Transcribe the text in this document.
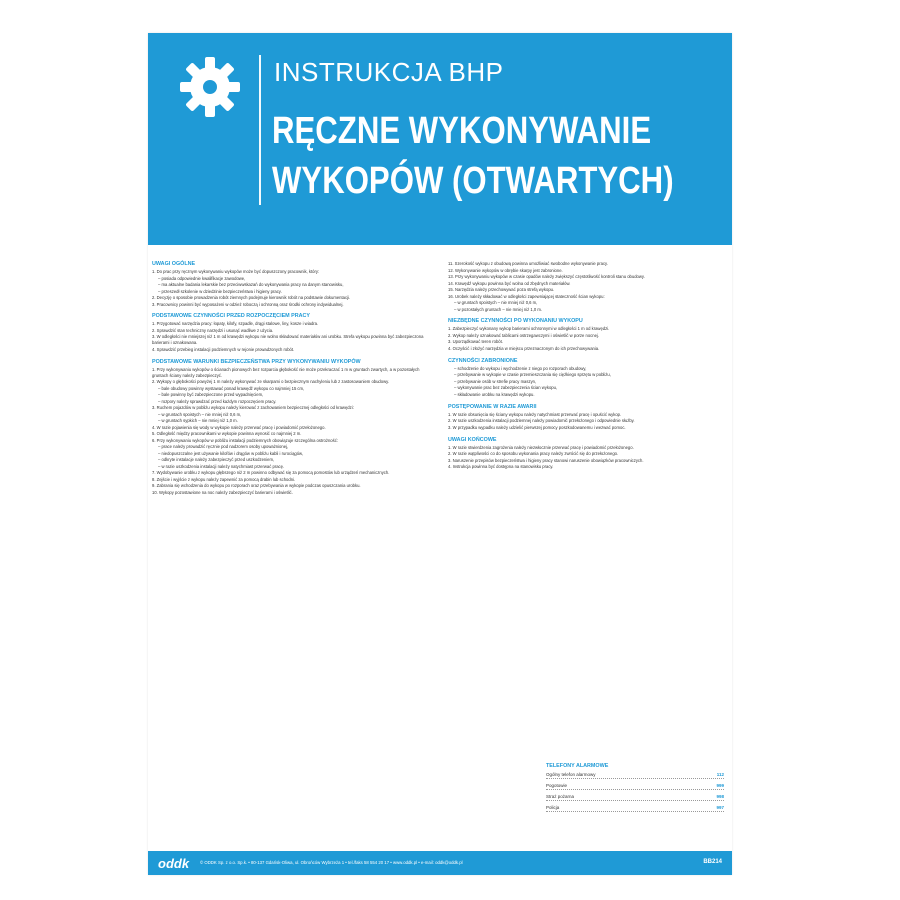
INSTRUKCJA BHP
RĘCZNE WYKONYWANIE
WYKOPÓW (OTWARTYCH)
UWAGI OGÓLNE
1. Do prac przy ręcznym wykonywaniu wykopów może być dopuszczony pracownik, który:
– posiada odpowiednie kwalifikacje zawodowe,
– ma aktualne badania lekarskie bez przeciwwskazań do wykonywania pracy na danym stanowisku,
– przeszedł szkolenie w dziedzinie bezpieczeństwa i higieny pracy.
2. Decyzję o sposobie prowadzenia robót ziemnych podejmuje kierownik robót na podstawie dokumentacji.
3. Pracownicy powinni być wyposażeni w odzież roboczą i ochronną oraz środki ochrony indywidualnej.
PODSTAWOWE CZYNNOŚCI PRZED ROZPOCZĘCIEM PRACY
1. Przygotować narzędzia pracy: łopaty, kilofy, szpadle, drągi stalowe, liny, kosze i wiadra.
2. Sprawdzić stan techniczny narzędzi i usunąć wadliwe z użycia.
3. W odległości nie mniejszej niż 1 m od krawędzi wykopu nie wolno składować materiałów ani urobku. Strefa wykopu powinna być zabezpieczona barierami i oznakowana.
4. Sprawdzić przebieg instalacji podziemnych w rejonie prowadzonych robót.
PODSTAWOWE WARUNKI BEZPIECZEŃSTWA PRZY WYKONYWANIU WYKOPÓW
1. Przy wykonywaniu wykopów o ścianach pionowych bez rozparcia głębokość nie może przekraczać 1 m w gruntach zwartych, a w pozostałych gruntach ściany należy zabezpieczyć.
2. Wykopy o głębokości powyżej 1 m należy wykonywać ze skarpami o bezpiecznym nachyleniu lub z zastosowaniem obudowy.
– bale obudowy powinny wystawać ponad krawędź wykopu co najmniej 15 cm,
– bale powinny być zabezpieczone przed wypadnięciem,
– rozpory należy sprawdzać przed każdym rozpoczęciem pracy.
3. Ruchem pojazdów w pobliżu wykopu należy kierować z zachowaniem bezpiecznej odległości od krawędzi:
– w gruntach spoistych – nie mniej niż 0,6 m,
– w gruntach sypkich – nie mniej niż 1,0 m.
4. W razie pojawienia się wody w wykopie należy przerwać pracę i powiadomić przełożonego.
5. Odległość między pracownikami w wykopie powinna wynosić co najmniej 2 m.
6. Przy wykonywaniu wykopów w pobliżu instalacji podziemnych obowiązuje szczególna ostrożność:
– prace należy prowadzić ręcznie pod nadzorem osoby upoważnionej,
– niedopuszczalne jest używanie kilofów i drągów w pobliżu kabli i rurociągów,
– odkryte instalacje należy zabezpieczyć przed uszkodzeniem,
– w razie uszkodzenia instalacji należy natychmiast przerwać pracę.
7. Wydobywanie urobku z wykopu głębszego niż 2 m powinno odbywać się za pomocą pomostów lub urządzeń mechanicznych.
8. Zejście i wyjście z wykopu należy zapewnić za pomocą drabin lub schodni.
9. Zabrania się wchodzenia do wykopu po rozporach oraz przebywania w wykopie podczas opuszczania urobku.
10. Wykopy pozostawione na noc należy zabezpieczyć barierami i oświetlić.
11. Szerokość wykopu z obudową powinna umożliwiać swobodne wykonywanie pracy.
12. Wykonywanie wykopów w obrębie skarpy jest zabronione.
13. Przy wykonywaniu wykopów w czasie opadów należy zwiększyć częstotliwość kontroli stanu obudowy.
14. Krawędź wykopu powinna być wolna od zbędnych materiałów.
15. Narzędzia należy przechowywać poza strefą wykopu.
16. Urobek należy składować w odległości zapewniającej stateczność ścian wykopu:
– w gruntach spoistych – nie mniej niż 0,6 m,
– w pozostałych gruntach – nie mniej niż 1,0 m.
NIEZBĘDNE CZYNNOŚCI PO WYKONANIU WYKOPU
1. Zabezpieczyć wykonany wykop barierami ochronnymi w odległości 1 m od krawędzi.
2. Wykop należy oznakować tablicami ostrzegawczymi i oświetlić w porze nocnej.
3. Uporządkować teren robót.
4. Oczyścić i złożyć narzędzia w miejscu przeznaczonym do ich przechowywania.
CZYNNOŚCI ZABRONIONE
– schodzenie do wykopu i wychodzenie z niego po rozporach obudowy,
– przebywanie w wykopie w czasie przemieszczania się ciężkiego sprzętu w pobliżu,
– przebywanie osób w strefie pracy maszyn,
– wykonywanie prac bez zabezpieczenia ścian wykopu,
– składowanie urobku na krawędzi wykopu.
POSTĘPOWANIE W RAZIE AWARII
1. W razie obsunięcia się ściany wykopu należy natychmiast przerwać pracę i opuścić wykop.
2. W razie uszkodzenia instalacji podziemnej należy powiadomić przełożonego i odpowiednie służby.
3. W przypadku wypadku należy udzielić pierwszej pomocy poszkodowanemu i wezwać pomoc.
UWAGI KOŃCOWE
1. W razie stwierdzenia zagrożenia należy niezwłocznie przerwać pracę i powiadomić przełożonego.
2. W razie wątpliwości co do sposobu wykonania pracy należy zwrócić się do przełożonego.
3. Naruszenie przepisów bezpieczeństwa i higieny pracy stanowi naruszenie obowiązków pracowniczych.
4. Instrukcja powinna być dostępna na stanowisku pracy.
TELEFONY ALARMOWE
Ogólny telefon alarmowy	112
Pogotowie	999
Straż pożarna	998
Policja	997
oddk	© ODDK Sp. z o.o. Sp.k. • 80-137 Gdańsk-Oliwa, ul. Obrońców Wybrzeża 1 • tel./faks 58 554 20 17 • www.oddk.pl • e-mail: oddk@oddk.pl	BB214
